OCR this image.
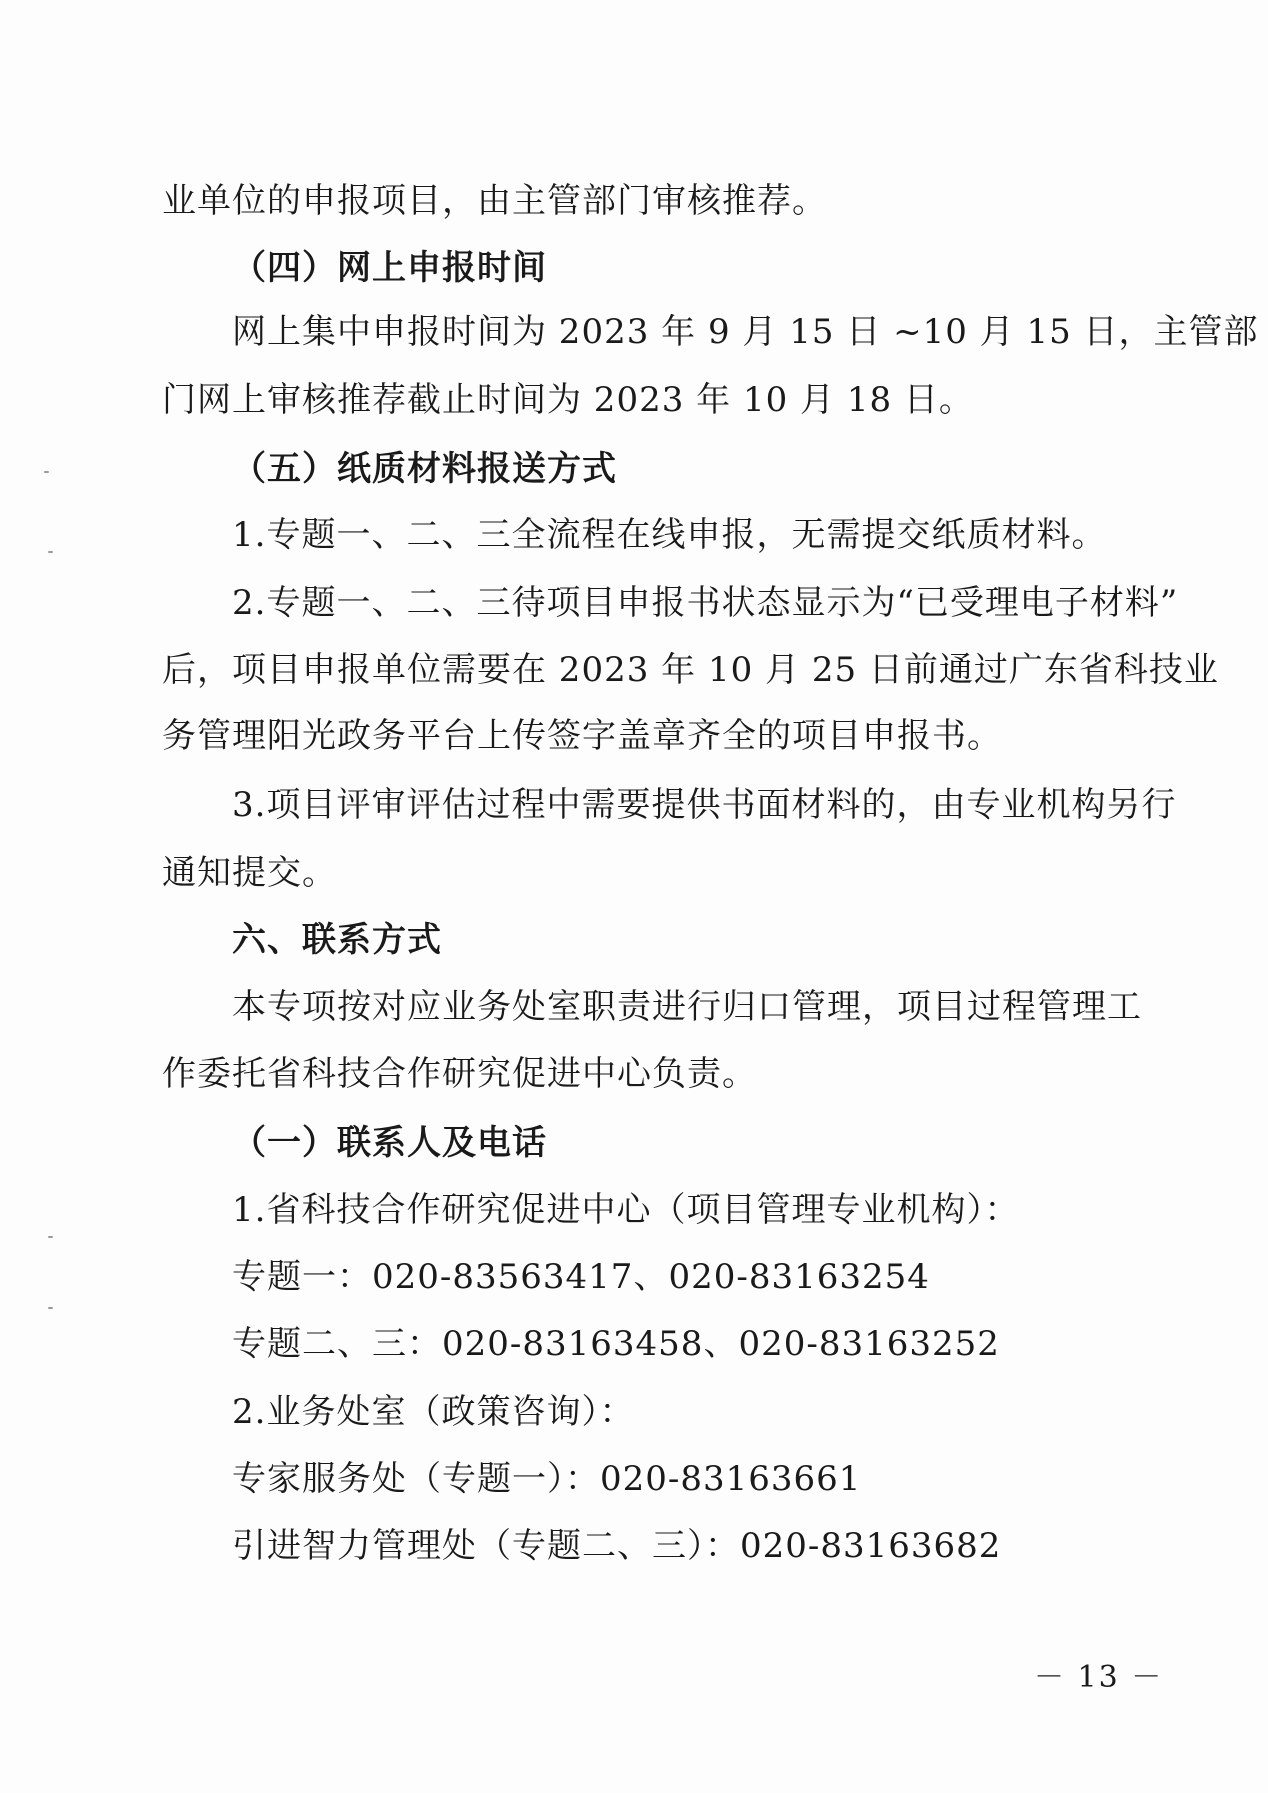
业单位的申报项目，由主管部门审核推荐。
（四）网上申报时间
网上集中申报时间为 2023 年 9 月 15 日 ~10 月 15 日，主管部
门网上审核推荐截止时间为 2023 年 10 月 18 日。
（五）纸质材料报送方式
1.专题一、二、三全流程在线申报，无需提交纸质材料。
2.专题一、二、三待项目申报书状态显示为“已受理电子材料”
后，项目申报单位需要在 2023 年 10 月 25 日前通过广东省科技业
务管理阳光政务平台上传签字盖章齐全的项目申报书。
3.项目评审评估过程中需要提供书面材料的，由专业机构另行
通知提交。
六、联系方式
本专项按对应业务处室职责进行归口管理，项目过程管理工
作委托省科技合作研究促进中心负责。
（一）联系人及电话
1.省科技合作研究促进中心（项目管理专业机构）：
专题一：020-83563417、020-83163254
专题二、三：020-83163458、020-83163252
2.业务处室（政策咨询）：
专家服务处（专题一）：020-83163661
引进智力管理处（专题二、三）：020-83163682
－ 13 －
